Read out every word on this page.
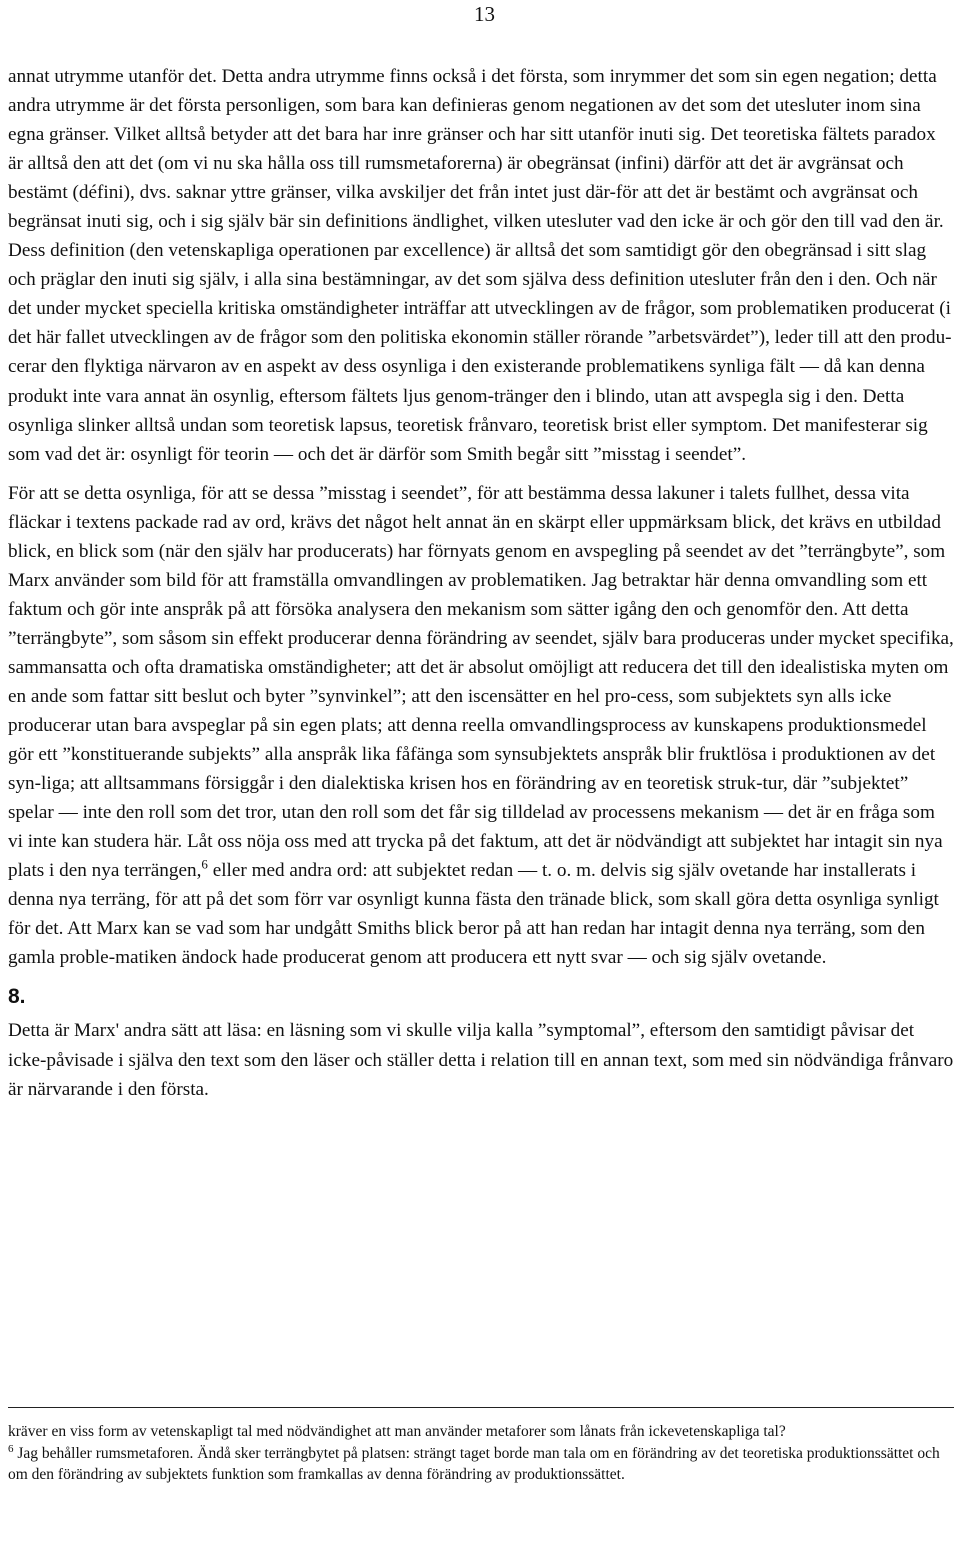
13

annat utrymme utanför det. Detta andra utrymme finns också i det första, som inrymmer det som sin egen negation; detta andra utrymme är det första personligen, som bara kan definieras genom negationen av det som det utesluter inom sina egna gränser. Vilket alltså betyder att det bara har inre gränser och har sitt utanför inuti sig. Det teoretiska fältets paradox är alltså den att det (om vi nu ska hålla oss till rumsmetaforerna) är obegränsat (infini) därför att det är avgränsat och bestämt (défini), dvs. saknar yttre gränser, vilka avskiljer det från intet just där-för att det är bestämt och avgränsat och begränsat inuti sig, och i sig själv bär sin definitions ändlighet, vilken utesluter vad den icke är och gör den till vad den är. Dess definition (den vetenskapliga operationen par excellence) är alltså det som samtidigt gör den obegränsad i sitt slag och präglar den inuti sig själv, i alla sina bestämningar, av det som själva dess definition utesluter från den i den. Och när det under mycket speciella kritiska omständigheter inträffar att utvecklingen av de frågor, som problematiken producerat (i det här fallet utvecklingen av de frågor som den politiska ekonomin ställer rörande ”arbetsvärdet”), leder till att den produ-cerar den flyktiga närvaron av en aspekt av dess osynliga i den existerande problematikens synliga fält — då kan denna produkt inte vara annat än osynlig, eftersom fältets ljus genom-tränger den i blindo, utan att avspegla sig i den. Detta osynliga slinker alltså undan som teoretisk lapsus, teoretisk frånvaro, teoretisk brist eller symptom. Det manifesterar sig som vad det är: osynligt för teorin — och det är därför som Smith begår sitt ”misstag i seendet”.

För att se detta osynliga, för att se dessa ”misstag i seendet”, för att bestämma dessa lakuner i talets fullhet, dessa vita fläckar i textens packade rad av ord, krävs det något helt annat än en skärpt eller uppmärksam blick, det krävs en utbildad blick, en blick som (när den själv har producerats) har förnyats genom en avspegling på seendet av det ”terrängbyte”, som Marx använder som bild för att framställa omvandlingen av problematiken. Jag betraktar här denna omvandling som ett faktum och gör inte anspråk på att försöka analysera den mekanism som sätter igång den och genomför den. Att detta ”terrängbyte”, som såsom sin effekt producerar denna förändring av seendet, själv bara produceras under mycket specifika, sammansatta och ofta dramatiska omständigheter; att det är absolut omöjligt att reducera det till den idealistiska myten om en ande som fattar sitt beslut och byter ”synvinkel”; att den iscensätter en hel pro-cess, som subjektets syn alls icke producerar utan bara avspeglar på sin egen plats; att denna reella omvandlingsprocess av kunskapens produktionsmedel gör ett ”konstituerande subjekts” alla anspråk lika fåfänga som synsubjektets anspråk blir fruktlösa i produktionen av det syn-liga; att alltsammans försiggår i den dialektiska krisen hos en förändring av en teoretisk struk-tur, där ”subjektet” spelar — inte den roll som det tror, utan den roll som det får sig tilldelad av processens mekanism — det är en fråga som vi inte kan studera här. Låt oss nöja oss med att trycka på det faktum, att det är nödvändigt att subjektet har intagit sin nya plats i den nya terrängen,$^6$ eller med andra ord: att subjektet redan — t. o. m. delvis sig själv ovetande har installerats i denna nya terräng, för att på det som förr var osynligt kunna fästa den tränade blick, som skall göra detta osynliga synligt för det. Att Marx kan se vad som har undgått Smiths blick beror på att han redan har intagit denna nya terräng, som den gamla proble-matiken ändock hade producerat genom att producera ett nytt svar — och sig själv ovetande.

8.

Detta är Marx' andra sätt att läsa: en läsning som vi skulle vilja kalla ”symptomal”, eftersom den samtidigt påvisar det icke-påvisade i själva den text som den läser och ställer detta i relation till en annan text, som med sin nödvändiga frånvaro är närvarande i den första.

kräver en viss form av vetenskapligt tal med nödvändighet att man använder metaforer som lånats från ickevetenskapliga tal?

$^6$ Jag behåller rumsmetaforen. Ändå sker terrängbytet på platsen: strängt taget borde man tala om en förändring av det teoretiska produktionssättet och om den förändring av subjektets funktion som framkallas av denna förändring av produktionssättet.
